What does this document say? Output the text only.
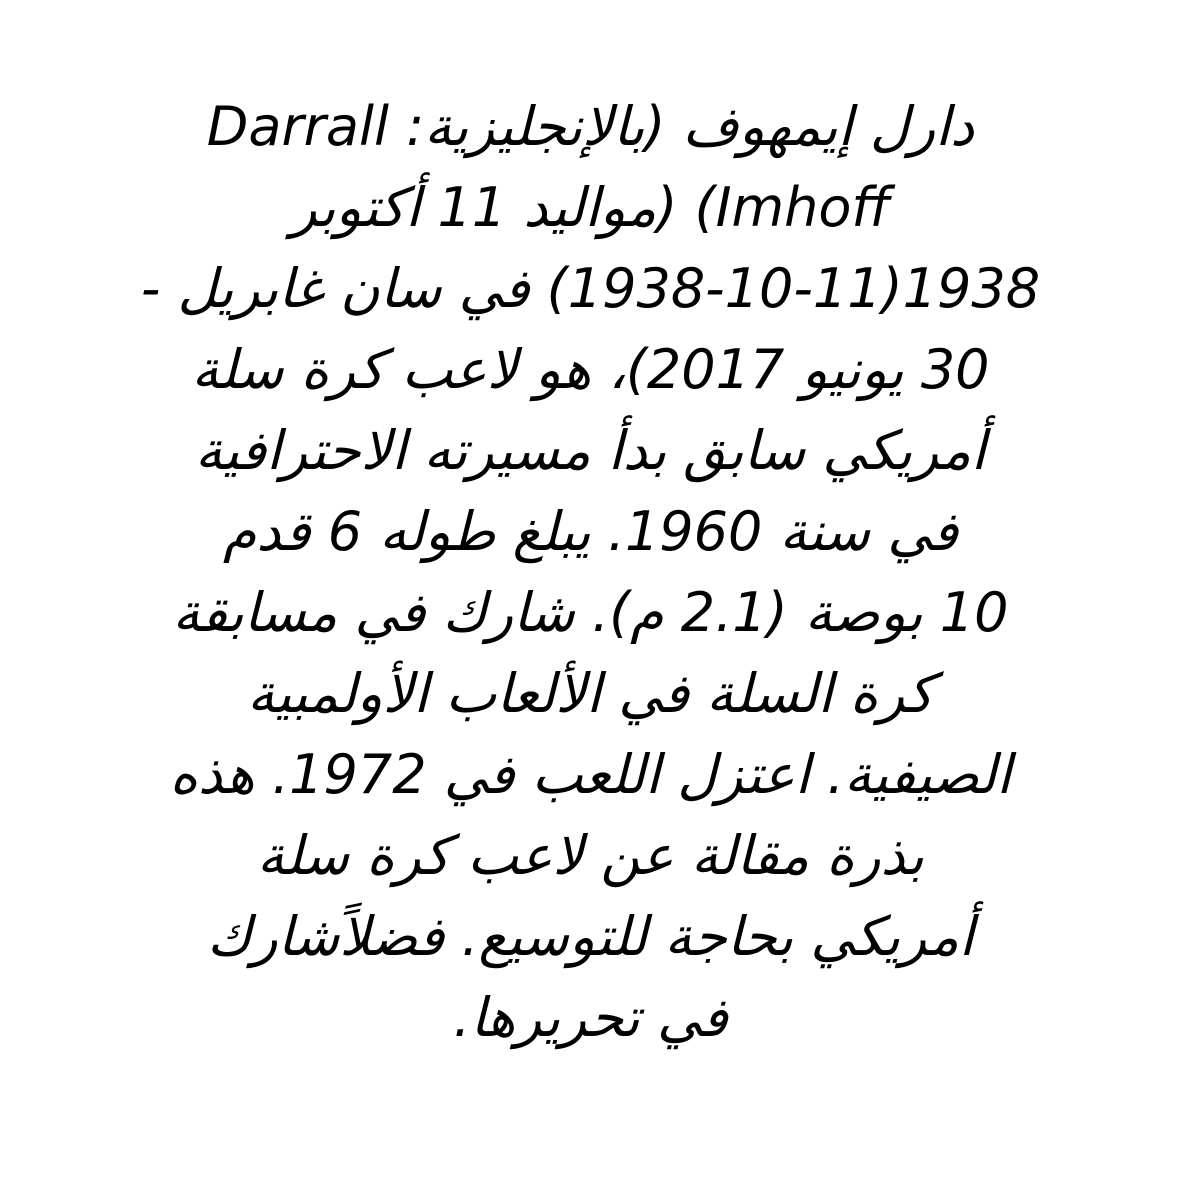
دارل إيمهوف (بالإنجليزية: Darrall
Imhoff) (مواليد 11 أكتوبر
1938(1938-10-11) في سان غابريل -
30 يونيو 2017)، هو لاعب كرة سلة
أمريكي سابق بدأ مسيرته الاحترافية
في سنة 1960. يبلغ طوله 6 قدم
10 بوصة (2.1 م). شارك في مسابقة
كرة السلة في الألعاب الأولمبية
الصيفية. اعتزل اللعب في 1972. هذه
بذرة مقالة عن لاعب كرة سلة
أمريكي بحاجة للتوسيع. فضلاًشارك
في تحريرها.
